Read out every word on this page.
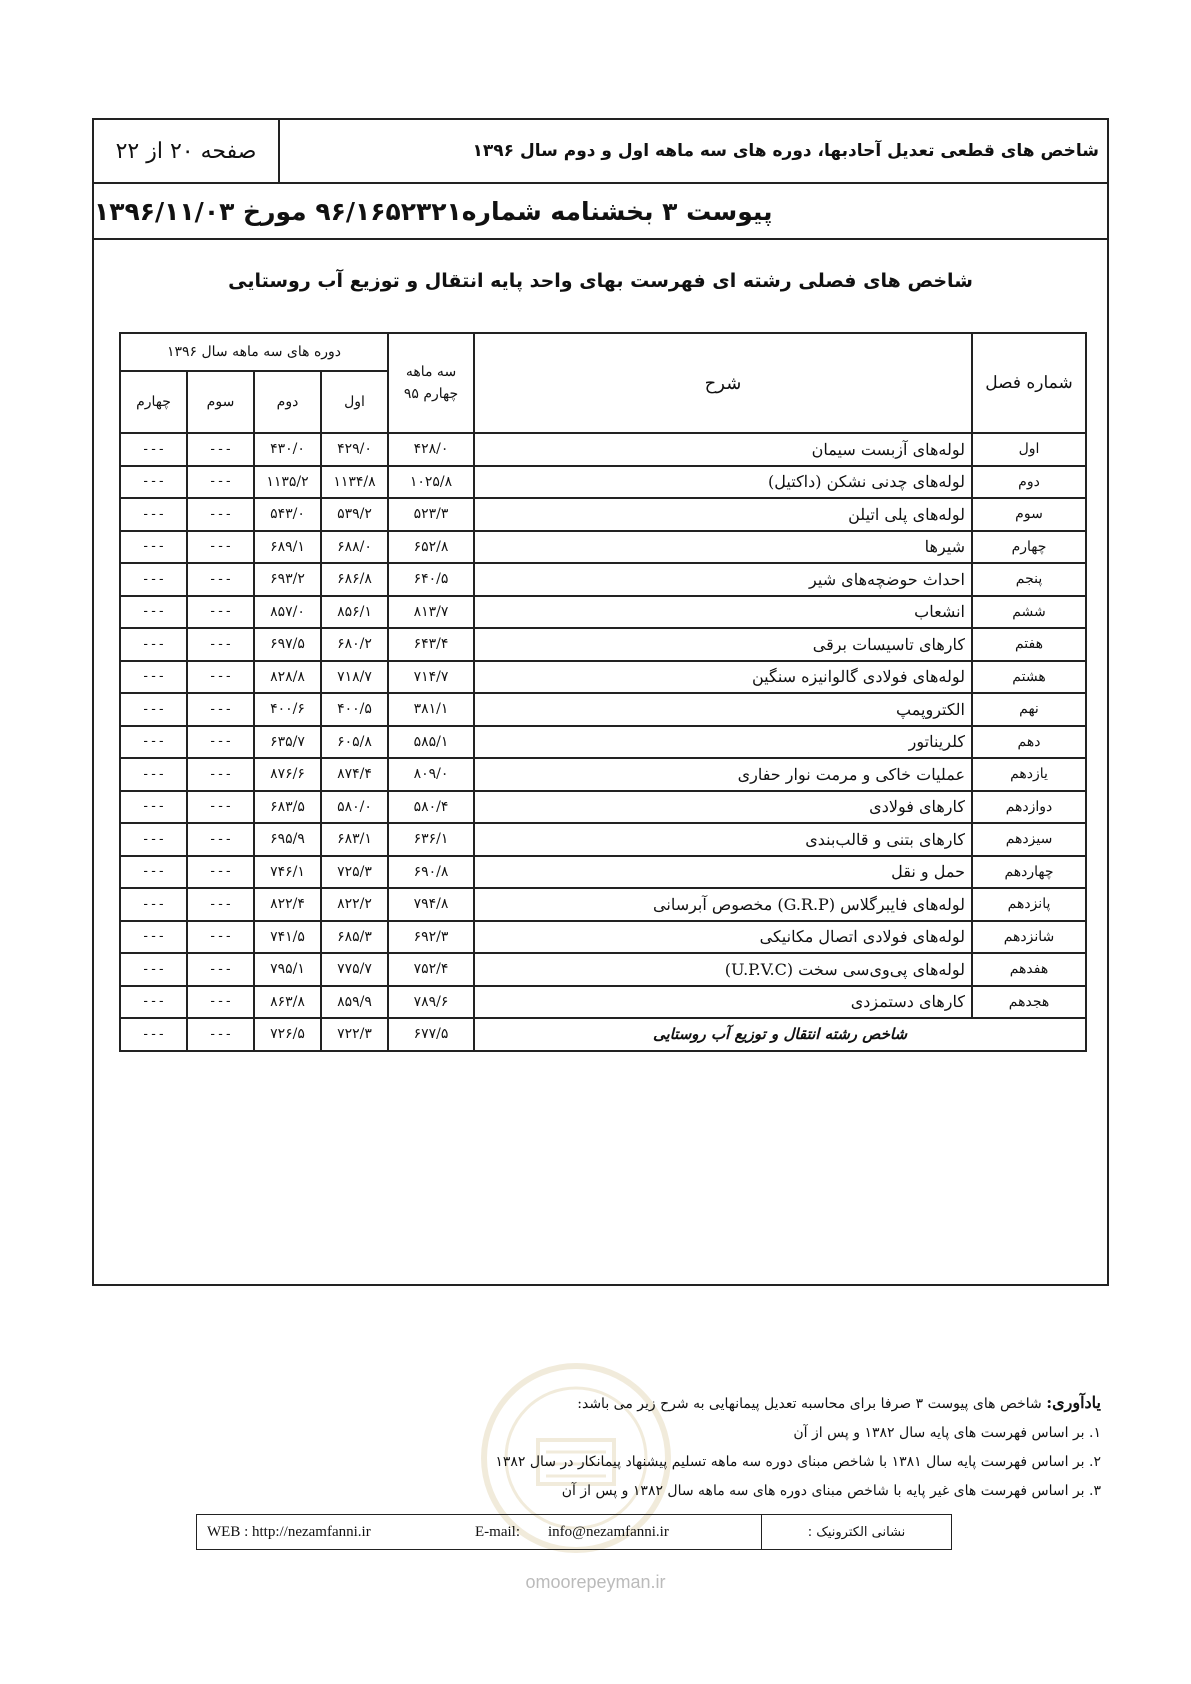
صفحه ۲۰ از ۲۲	شاخص های قطعی تعدیل آحادبها، دوره های سه ماهه اول و دوم سال ۱۳۹۶
پیوست ۳ بخشنامه شماره۹۶/۱۶۵۲۳۲۱ مورخ ۱۳۹۶/۱۱/۰۳
شاخص های فصلی رشته ای فهرست بهای واحد پایه انتقال و توزیع آب روستایی
شماره فصل	شرح	سه ماهه چهارم ۹۵	دوره های سه ماهه سال ۱۳۹۶			
			اول	دوم	سوم	چهارم
اول	لوله‌های آزبست سیمان	۴۲۸/۰	۴۲۹/۰	۴۳۰/۰	---	---
دوم	لوله‌های چدنی نشکن (داکتیل)	۱۰۲۵/۸	۱۱۳۴/۸	۱۱۳۵/۲	---	---
سوم	لوله‌های پلی اتیلن	۵۲۳/۳	۵۳۹/۲	۵۴۳/۰	---	---
چهارم	شیرها	۶۵۲/۸	۶۸۸/۰	۶۸۹/۱	---	---
پنجم	احداث حوضچه‌های شیر	۶۴۰/۵	۶۸۶/۸	۶۹۳/۲	---	---
ششم	انشعاب	۸۱۳/۷	۸۵۶/۱	۸۵۷/۰	---	---
هفتم	کارهای تاسیسات برقی	۶۴۳/۴	۶۸۰/۲	۶۹۷/۵	---	---
هشتم	لوله‌های فولادی گالوانیزه سنگین	۷۱۴/۷	۷۱۸/۷	۸۲۸/۸	---	---
نهم	الکتروپمپ	۳۸۱/۱	۴۰۰/۵	۴۰۰/۶	---	---
دهم	کلریناتور	۵۸۵/۱	۶۰۵/۸	۶۳۵/۷	---	---
یازدهم	عملیات خاکی و مرمت نوار حفاری	۸۰۹/۰	۸۷۴/۴	۸۷۶/۶	---	---
دوازدهم	کارهای فولادی	۵۸۰/۴	۵۸۰/۰	۶۸۳/۵	---	---
سیزدهم	کارهای بتنی و قالب‌بندی	۶۳۶/۱	۶۸۳/۱	۶۹۵/۹	---	---
چهاردهم	حمل و نقل	۶۹۰/۸	۷۲۵/۳	۷۴۶/۱	---	---
پانزدهم	لوله‌های فایبرگلاس (G.R.P) مخصوص آبرسانی	۷۹۴/۸	۸۲۲/۲	۸۲۲/۴	---	---
شانزدهم	لوله‌های فولادی اتصال مکانیکی	۶۹۲/۳	۶۸۵/۳	۷۴۱/۵	---	---
هفدهم	لوله‌های پی‌وی‌سی سخت (U.P.V.C)	۷۵۲/۴	۷۷۵/۷	۷۹۵/۱	---	---
هجدهم	کارهای دستمزدی	۷۸۹/۶	۸۵۹/۹	۸۶۳/۸	---	---
شاخص رشته انتقال و توزیع آب روستایی		۶۷۷/۵	۷۲۲/۳	۷۲۶/۵	---	---
یادآوری: شاخص های پیوست ۳ صرفا برای محاسبه تعدیل پیمانهایی به شرح زیر می باشد:
۱. بر اساس فهرست های پایه سال ۱۳۸۲ و پس از آن
۲. بر اساس فهرست پایه سال ۱۳۸۱ با شاخص مبنای دوره سه ماهه تسلیم پیشنهاد پیمانکار در سال ۱۳۸۲
۳. بر اساس فهرست های غیر پایه با شاخص مبنای دوره های سه ماهه سال ۱۳۸۲ و پس از آن
نشانی الکترونیک :
WEB : http://nezamfanni.ir	E-mail: info@nezamfanni.ir
omoorepeyman.ir
